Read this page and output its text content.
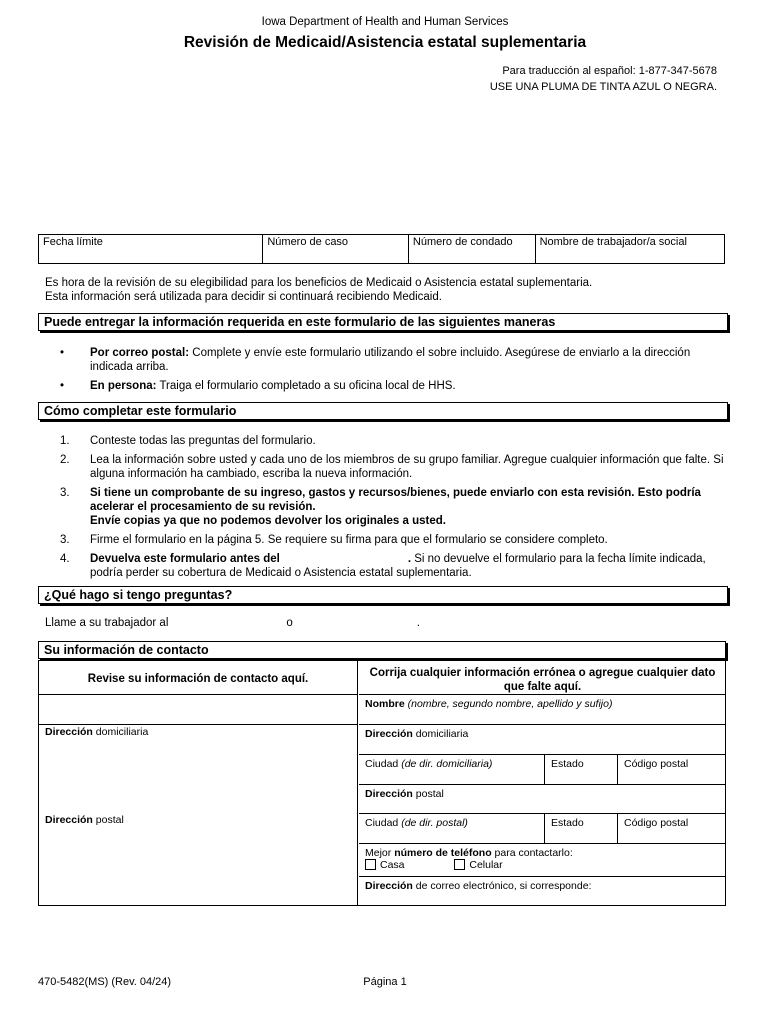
Iowa Department of Health and Human Services
Revisión de Medicaid/Asistencia estatal suplementaria
Para traducción al español: 1-877-347-5678
USE UNA PLUMA DE TINTA AZUL O NEGRA.
Fecha límite	Número de caso	Número de condado	Nombre de trabajador/a social
Es hora de la revisión de su elegibilidad para los beneficios de Medicaid o Asistencia estatal suplementaria.
Esta información será utilizada para decidir si continuará recibiendo Medicaid.
Puede entregar la información requerida en este formulario de las siguientes maneras
•	Por correo postal: Complete y envíe este formulario utilizando el sobre incluido. Asegúrese de enviarlo a la dirección indicada arriba.
•	En persona: Traiga el formulario completado a su oficina local de HHS.
Cómo completar este formulario
1.	Conteste todas las preguntas del formulario.
2.	Lea la información sobre usted y cada uno de los miembros de su grupo familiar. Agregue cualquier información que falte. Si alguna información ha cambiado, escriba la nueva información.
3.	Si tiene un comprobante de su ingreso, gastos y recursos/bienes, puede enviarlo con esta revisión. Esto podría acelerar el procesamiento de su revisión.
Envíe copias ya que no podemos devolver los originales a usted.
3.	Firme el formulario en la página 5. Se requiere su firma para que el formulario se considere completo.
4.	Devuelva este formulario antes del	. Si no devuelve el formulario para la fecha límite indicada, podría perder su cobertura de Medicaid o Asistencia estatal suplementaria.
¿Qué hago si tengo preguntas?
Llame a su trabajador al	o	.
Su información de contacto
Revise su información de contacto aquí.
Dirección domiciliaria
Dirección postal
Corrija cualquier información errónea o agregue cualquier dato que falte aquí.
Nombre (nombre, segundo nombre, apellido y sufijo)
Dirección domiciliaria
Ciudad (de dir. domiciliaria)	Estado	Código postal
Dirección postal
Ciudad (de dir. postal)	Estado	Código postal
Mejor número de teléfono para contactarlo:
Casa	Celular
Dirección de correo electrónico, si corresponde:
470-5482(MS) (Rev. 04/24)	Página 1
